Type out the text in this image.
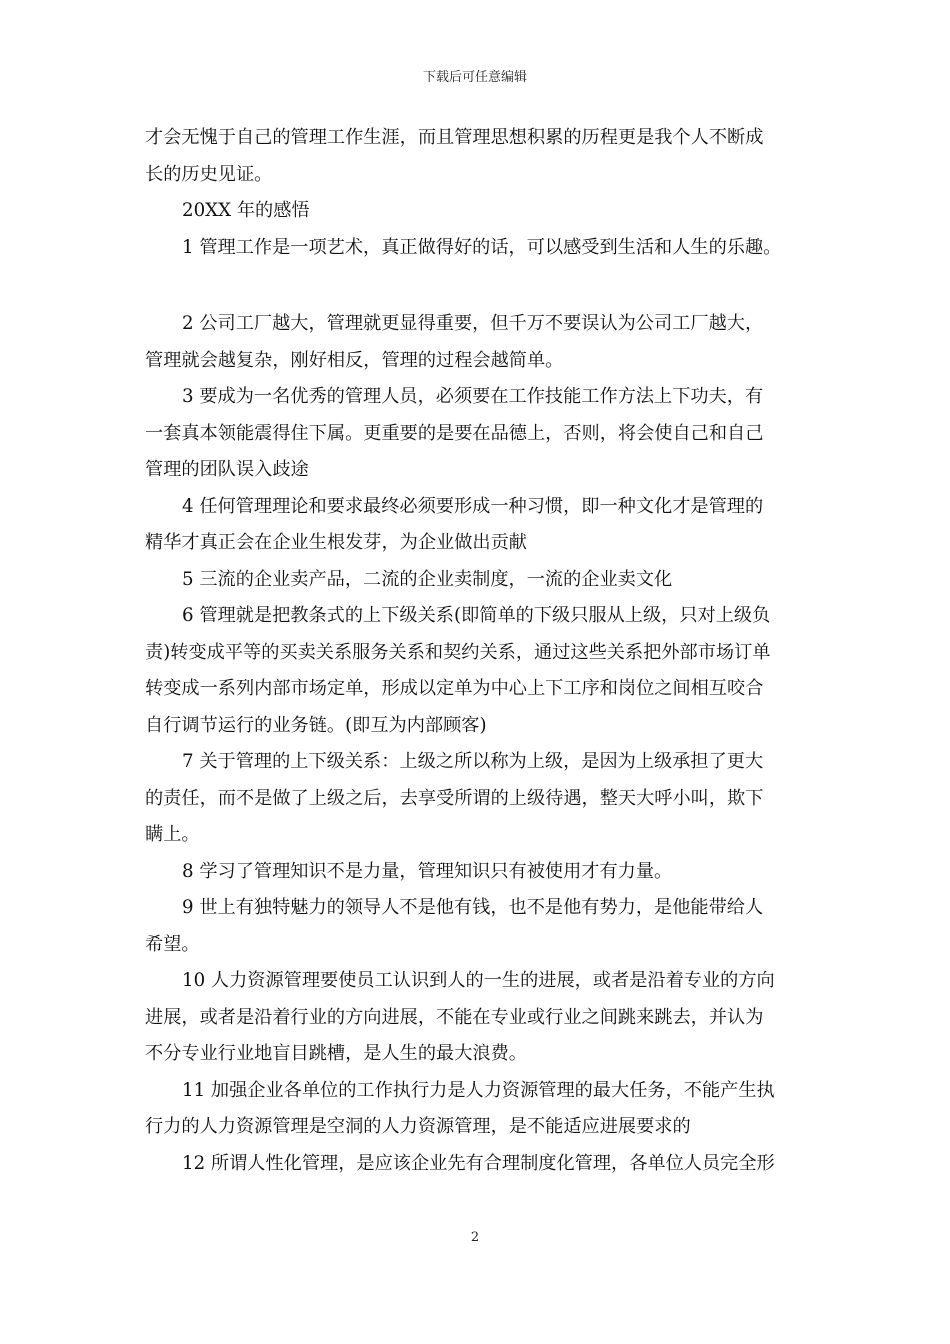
下载后可任意编辑
才会无愧于自己的管理工作生涯，而且管理思想积累的历程更是我个人不断成
长的历史见证。
20XX 年的感悟
1 管理工作是一项艺术，真正做得好的话，可以感受到生活和人生的乐趣。
2 公司工厂越大，管理就更显得重要，但千万不要误认为公司工厂越大，
管理就会越复杂，刚好相反，管理的过程会越简单。
3 要成为一名优秀的管理人员，必须要在工作技能工作方法上下功夫，有
一套真本领能震得住下属。更重要的是要在品德上，否则，将会使自己和自己
管理的团队误入歧途
4 任何管理理论和要求最终必须要形成一种习惯，即一种文化才是管理的
精华才真正会在企业生根发芽，为企业做出贡献
5 三流的企业卖产品，二流的企业卖制度，一流的企业卖文化
6 管理就是把教条式的上下级关系(即简单的下级只服从上级，只对上级负
责)转变成平等的买卖关系服务关系和契约关系，通过这些关系把外部市场订单
转变成一系列内部市场定单，形成以定单为中心上下工序和岗位之间相互咬合
自行调节运行的业务链。(即互为内部顾客)
7 关于管理的上下级关系：上级之所以称为上级，是因为上级承担了更大
的责任，而不是做了上级之后，去享受所谓的上级待遇，整天大呼小叫，欺下
瞒上。
8 学习了管理知识不是力量，管理知识只有被使用才有力量。
9 世上有独特魅力的领导人不是他有钱，也不是他有势力，是他能带给人
希望。
10 人力资源管理要使员工认识到人的一生的进展，或者是沿着专业的方向
进展，或者是沿着行业的方向进展，不能在专业或行业之间跳来跳去，并认为
不分专业行业地盲目跳槽，是人生的最大浪费。
11 加强企业各单位的工作执行力是人力资源管理的最大任务，不能产生执
行力的人力资源管理是空洞的人力资源管理，是不能适应进展要求的
12 所谓人性化管理，是应该企业先有合理制度化管理，各单位人员完全形
2
